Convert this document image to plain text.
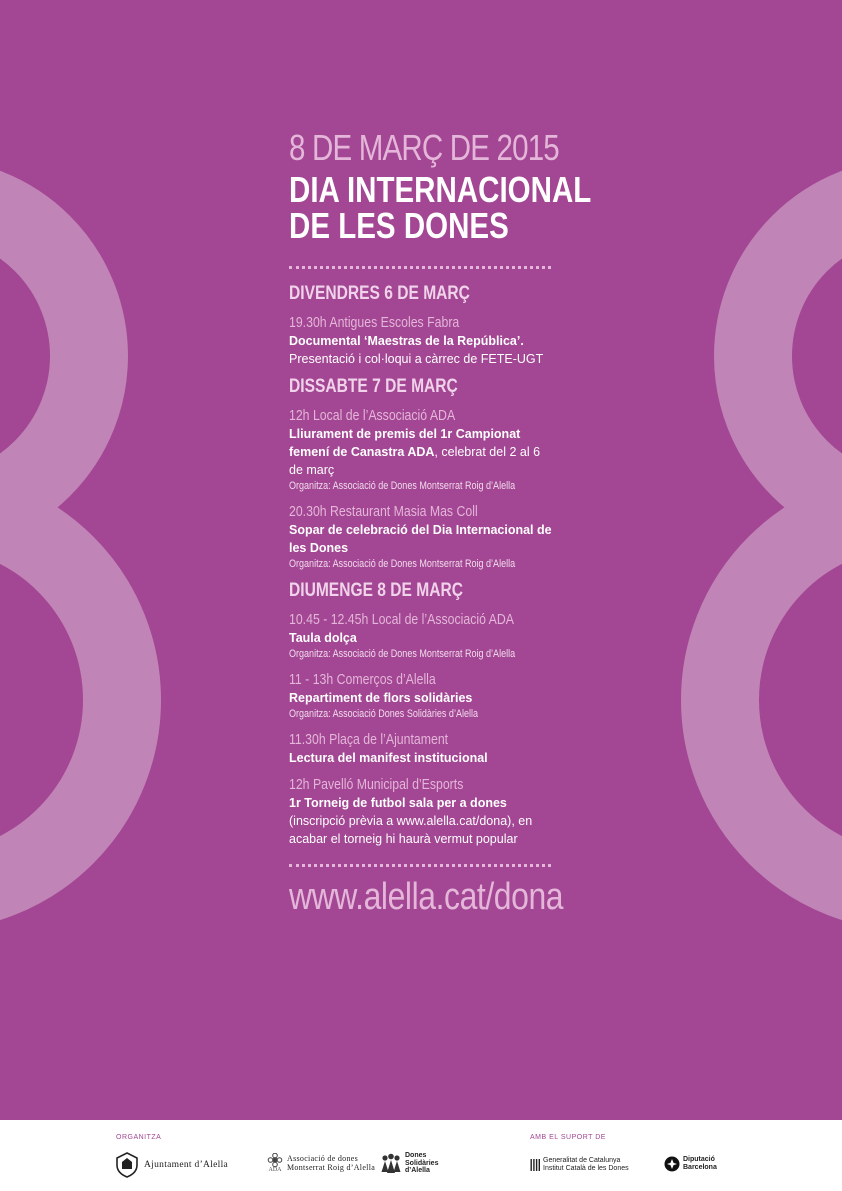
8 DE MARÇ DE 2015
DIA INTERNACIONAL
DE LES DONES
DIVENDRES 6 DE MARÇ
19.30h Antigues Escoles Fabra
Documental ‘Maestras de la República’. Presentació i col·loqui a càrrec de FETE-UGT
DISSABTE 7 DE MARÇ
12h Local de l’Associació ADA
Lliurament de premis del 1r Campionat femení de Canastra ADA, celebrat del 2 al 6 de març
Organitza: Associació de Dones Montserrat Roig d’Alella
20.30h Restaurant Masia Mas Coll
Sopar de celebració del Dia Internacional de les Dones
Organitza: Associació de Dones Montserrat Roig d’Alella
DIUMENGE 8 DE MARÇ
10.45 - 12.45h Local de l’Associació ADA
Taula dolça
Organitza: Associació de Dones Montserrat Roig d’Alella
11 - 13h Comerços d’Alella
Repartiment de flors solidàries
Organitza: Associació Dones Solidàries d’Alella
11.30h Plaça de l’Ajuntament
Lectura del manifest institucional
12h Pavelló Municipal d’Esports
1r Torneig de futbol sala per a dones (inscripció prèvia a www.alella.cat/dona), en acabar el torneig hi haurà vermut popular
www.alella.cat/dona
ORGANITZA	AMB EL SUPORT DE
Ajuntament d’Alella
ADA
Associació de dones
Montserrat Roig d’Alella
Dones
Solidàries
d’Alella
Generalitat de Catalunya
Institut Català de les Dones
Diputació
Barcelona
